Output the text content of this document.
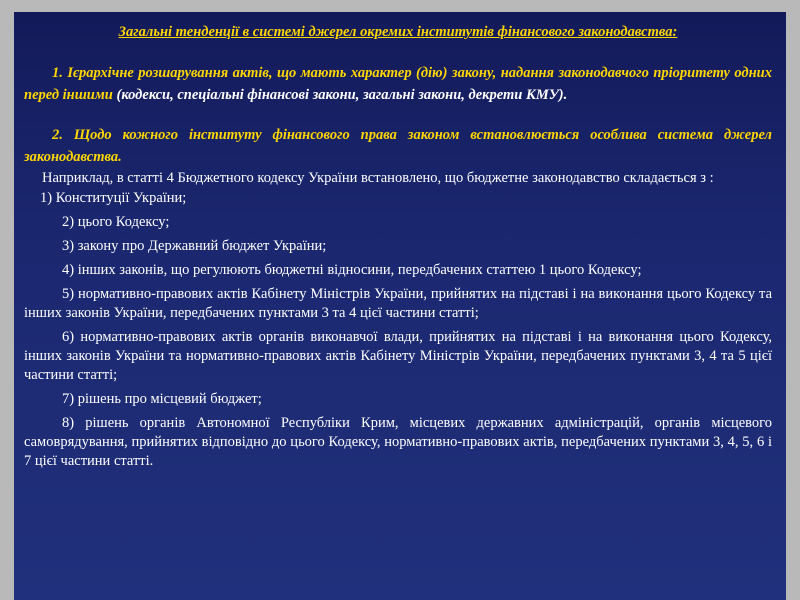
Загальні тенденції в системі джерел окремих інститутів фінансового законодавства:

1. Ієрархічне розшарування актів, що мають характер (дію) закону, надання законодавчого пріоритету одних перед іншими (кодекси, спеціальні фінансові закони, загальні закони, декрети КМУ).

2. Щодо кожного інституту фінансового права законом встановлюється особлива система джерел законодавства.

Наприклад, в статті 4 Бюджетного кодексу України встановлено, що бюджетне законодавство складається з :

1) Конституції України;

2) цього Кодексу;

3) закону про Державний бюджет України;

4) інших законів, що регулюють бюджетні відносини, передбачених статтею 1 цього Кодексу;

5) нормативно-правових актів Кабінету Міністрів України, прийнятих на підставі і на виконання цього Кодексу та інших законів України, передбачених пунктами 3 та 4 цієї частини статті;

6) нормативно-правових актів органів виконавчої влади, прийнятих на підставі і на виконання цього Кодексу, інших законів України та нормативно-правових актів Кабінету Міністрів України, передбачених пунктами 3, 4 та 5 цієї частини статті;

7) рішень про місцевий бюджет;

8) рішень органів Автономної Республіки Крим, місцевих державних адміністрацій, органів місцевого самоврядування, прийнятих відповідно до цього Кодексу, нормативно-правових актів, передбачених пунктами 3, 4, 5, 6 і 7 цієї частини статті.
